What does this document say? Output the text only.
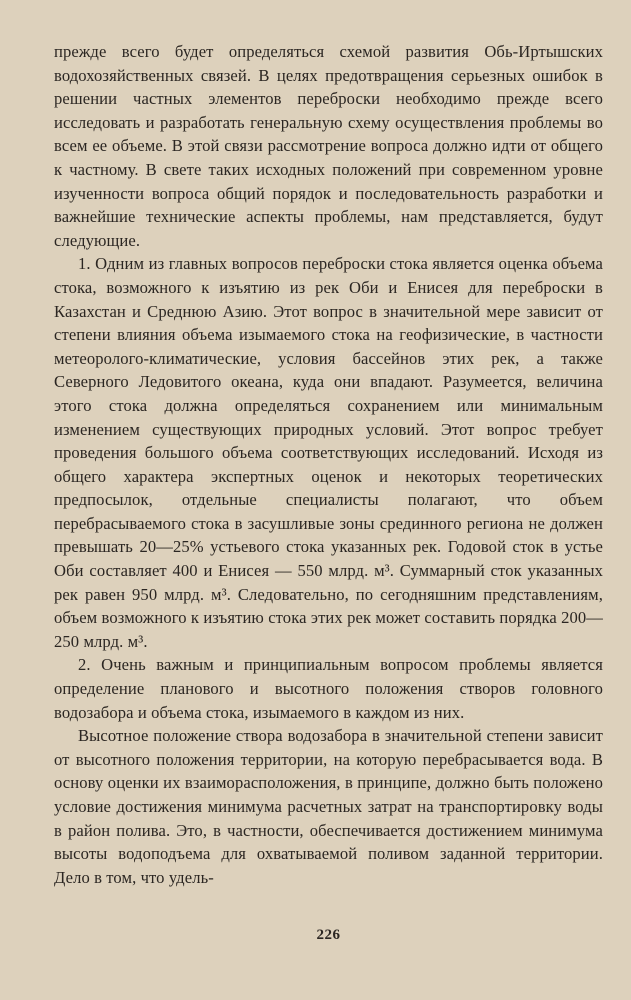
прежде всего будет определяться схемой развития Обь-Иртышских водохозяйственных связей. В целях предотвращения серьезных ошибок в решении частных элементов переброски необходимо прежде всего исследовать и разработать генеральную схему осуществления проблемы во всем ее объеме. В этой связи рассмотрение вопроса должно идти от общего к частному. В свете таких исходных положений при современном уровне изученности вопроса общий порядок и последовательность разработки и важнейшие технические аспекты проблемы, нам представляется, будут следующие.

1. Одним из главных вопросов переброски стока является оценка объема стока, возможного к изъятию из рек Оби и Енисея для переброски в Казахстан и Среднюю Азию. Этот вопрос в значительной мере зависит от степени влияния объема изымаемого стока на геофизические, в частности метеоролого-климатические, условия бассейнов этих рек, а также Северного Ледовитого океана, куда они впадают. Разумеется, величина этого стока должна определяться сохранением или минимальным изменением существующих природных условий. Этот вопрос требует проведения большого объема соответствующих исследований. Исходя из общего характера экспертных оценок и некоторых теоретических предпосылок, отдельные специалисты полагают, что объем перебрасываемого стока в засушливые зоны срединного региона не должен превышать 20—25% устьевого стока указанных рек. Годовой сток в устье Оби составляет 400 и Енисея — 550 млрд. м³. Суммарный сток указанных рек равен 950 млрд. м³. Следовательно, по сегодняшним представлениям, объем возможного к изъятию стока этих рек может составить порядка 200—250 млрд. м³.

2. Очень важным и принципиальным вопросом проблемы является определение планового и высотного положения створов головного водозабора и объема стока, изымаемого в каждом из них.

Высотное положение створа водозабора в значительной степени зависит от высотного положения территории, на которую перебрасывается вода. В основу оценки их взаиморасположения, в принципе, должно быть положено условие достижения минимума расчетных затрат на транспортировку воды в район полива. Это, в частности, обеспечивается достижением минимума высоты водоподъема для охватываемой поливом заданной территории. Дело в том, что удель-

226
